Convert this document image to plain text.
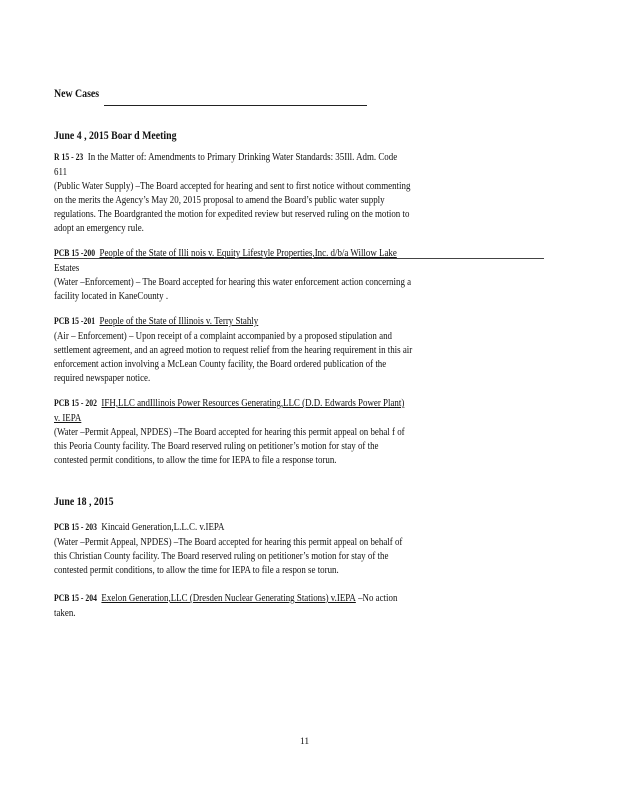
New Cases
June 4 , 2015 Boar d Meeting
R 15 - 23 In the Matter of: Amendments to Primary Drinking Water Standards: 35Ill. Adm. Code
611
(Public Water Supply) –The Board accepted for hearing and sent to first notice without commenting
on the merits the Agency’s May 20, 2015 proposal to amend the Board’s public water supply
regulations. The Boardgranted the motion for expedited review but reserved ruling on the motion to
adopt an emergency rule.
PCB 15 -200 People of the State of Illi nois v. Equity Lifestyle Properties,Inc. d/b/a Willow Lake
Estates
(Water –Enforcement) – The Board accepted for hearing this water enforcement action concerning a
facility located in KaneCounty .
PCB 15 -201 People of the State of Illinois v. Terry Stahly
(Air – Enforcement) – Upon receipt of a complaint accompanied by a proposed stipulation and
settlement agreement, and an agreed motion to request relief from the hearing requirement in this air
enforcement action involving a McLean County facility, the Board ordered publication of the
required newspaper notice.
PCB 15 - 202 IFH,LLC andIllinois Power Resources Generating,LLC (D.D. Edwards Power Plant)
v. IEPA
(Water –Permit Appeal, NPDES) –The Board accepted for hearing this permit appeal on behal f of
this Peoria County facility. The Board reserved ruling on petitioner’s motion for stay of the
contested permit conditions, to allow the time for IEPA to file a response torun.
June 18 , 2015
PCB 15 - 203 Kincaid Generation,L.L.C. v.IEPA
(Water –Permit Appeal, NPDES) –The Board accepted for hearing this permit appeal on behalf of
this Christian County facility. The Board reserved ruling on petitioner’s motion for stay of the
contested permit conditions, to allow the time for IEPA to file a respon se torun.
PCB 15 - 204 Exelon Generation,LLC (Dresden Nuclear Generating Stations) v.IEPA –No action
taken.
11
